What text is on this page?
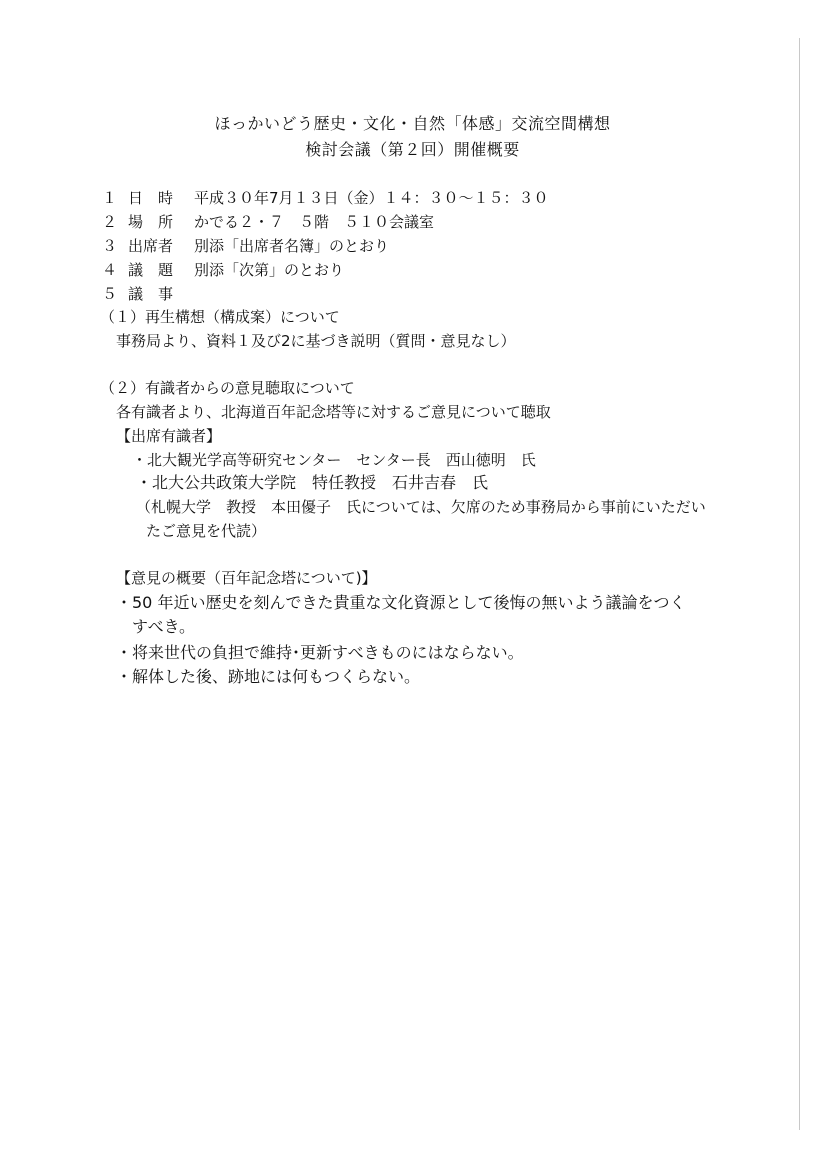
ほっかいどう歴史・文化・自然「体感」交流空間構想
検討会議（第２回）開催概要
１ 日　時 平成３０年7月１３日（金）１４：３０～１５：３０
２ 場　所 かでる２・７　５階　５１０会議室
３ 出席者 別添「出席者名簿」のとおり
４ 議　題 別添「次第」のとおり
５ 議　事
（１）再生構想（構成案）について
事務局より、資料１及び2に基づき説明（質問・意見なし）
（２）有識者からの意見聴取について
各有識者より、北海道百年記念塔等に対するご意見について聴取
【出席有識者】
・北大観光学高等研究センター　センター長　西山徳明　氏
・北大公共政策大学院　特任教授　石井吉春　氏
（札幌大学　教授　本田優子　氏については、欠席のため事務局から事前にいただい
たご意見を代読）
【意見の概要（百年記念塔について)】
・50 年近い歴史を刻んできた貴重な文化資源として後悔の無いよう議論をつく
すべき。
・将来世代の負担で維持･更新すべきものにはならない。
・解体した後、跡地には何もつくらない。
